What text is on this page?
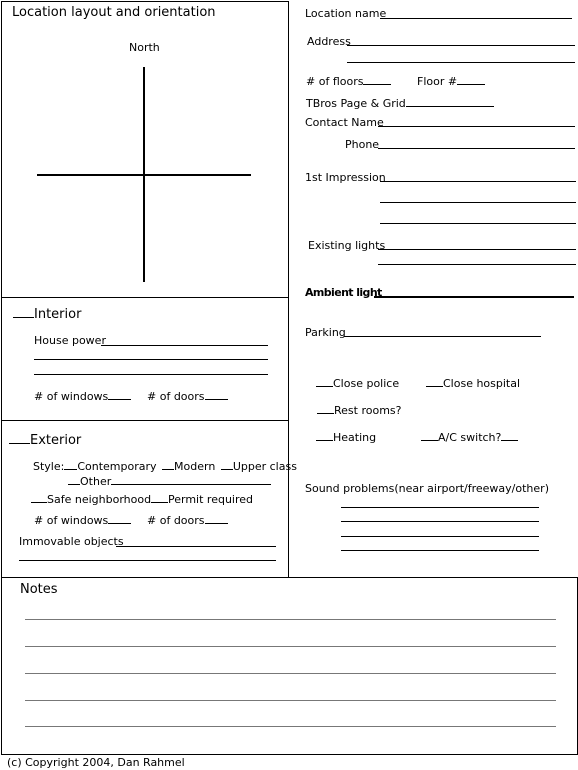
Location layout and orientation
North
Interior
House power
# of windows	# of doors
Exterior
Style: Contemporary Modern Upper class
Other
Safe neighborhood	Permit required
# of windows	# of doors
Immovable objects
Location name
Address
# of floors	Floor #
TBros Page & Grid
Contact Name
Phone
1st Impression
Existing lights
Ambient light
Parking
Close police	Close hospital
Rest rooms?
Heating	A/C switch?
Sound problems(near airport/freeway/other)
Notes
(c) Copyright 2004, Dan Rahmel
